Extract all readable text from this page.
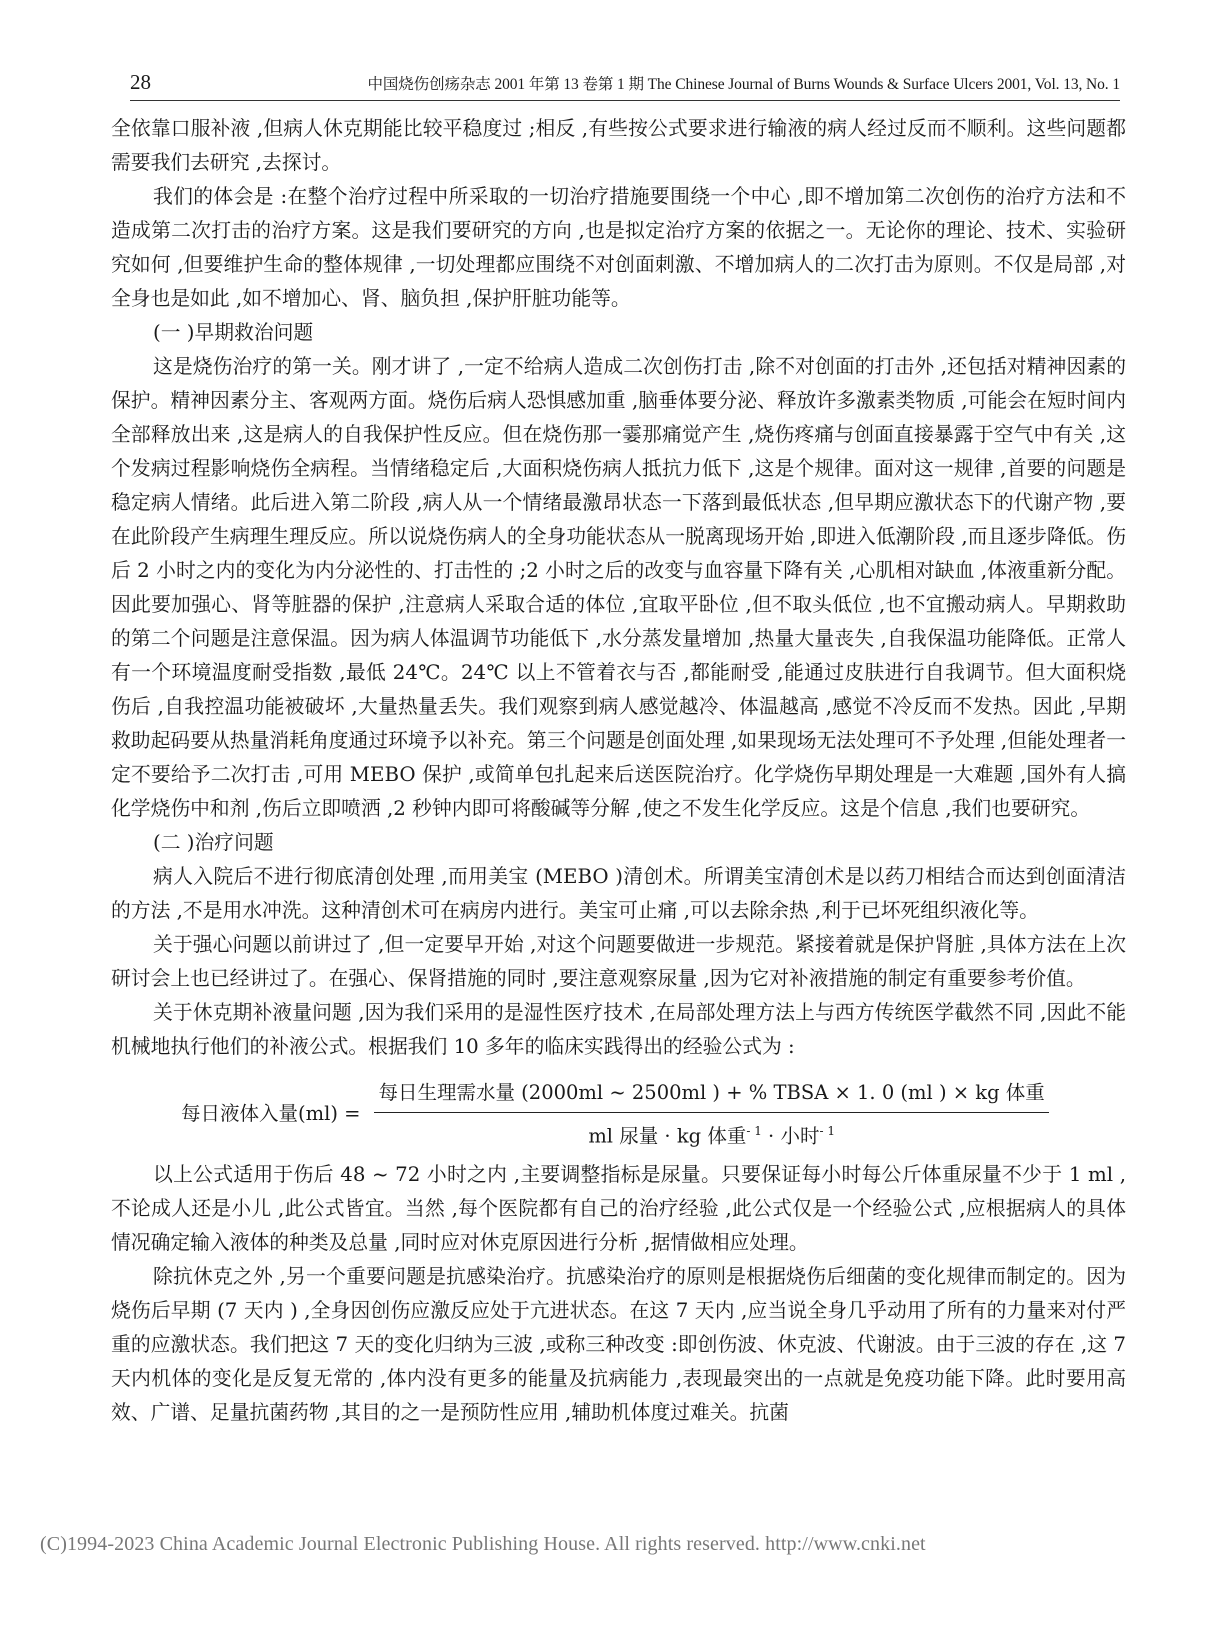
28	中国烧伤创疡杂志 2001 年第 13 卷第 1 期 The Chinese Journal of Burns Wounds & Surface Ulcers 2001, Vol. 13, No. 1

全依靠口服补液 ,但病人休克期能比较平稳度过 ;相反 ,有些按公式要求进行输液的病人经过反而不顺利。这些问题都需要我们去研究 ,去探讨。

我们的体会是 :在整个治疗过程中所采取的一切治疗措施要围绕一个中心 ,即不增加第二次创伤的治疗方法和不造成第二次打击的治疗方案。这是我们要研究的方向 ,也是拟定治疗方案的依据之一。无论你的理论、技术、实验研究如何 ,但要维护生命的整体规律 ,一切处理都应围绕不对创面刺激、不增加病人的二次打击为原则。不仅是局部 ,对全身也是如此 ,如不增加心、肾、脑负担 ,保护肝脏功能等。

(一 )早期救治问题

这是烧伤治疗的第一关。刚才讲了 ,一定不给病人造成二次创伤打击 ,除不对创面的打击外 ,还包括对精神因素的保护。精神因素分主、客观两方面。烧伤后病人恐惧感加重 ,脑垂体要分泌、释放许多激素类物质 ,可能会在短时间内全部释放出来 ,这是病人的自我保护性反应。但在烧伤那一霎那痛觉产生 ,烧伤疼痛与创面直接暴露于空气中有关 ,这个发病过程影响烧伤全病程。当情绪稳定后 ,大面积烧伤病人抵抗力低下 ,这是个规律。面对这一规律 ,首要的问题是稳定病人情绪。此后进入第二阶段 ,病人从一个情绪最激昂状态一下落到最低状态 ,但早期应激状态下的代谢产物 ,要在此阶段产生病理生理反应。所以说烧伤病人的全身功能状态从一脱离现场开始 ,即进入低潮阶段 ,而且逐步降低。伤后 2 小时之内的变化为内分泌性的、打击性的 ;2 小时之后的改变与血容量下降有关 ,心肌相对缺血 ,体液重新分配。因此要加强心、肾等脏器的保护 ,注意病人采取合适的体位 ,宜取平卧位 ,但不取头低位 ,也不宜搬动病人。早期救助的第二个问题是注意保温。因为病人体温调节功能低下 ,水分蒸发量增加 ,热量大量丧失 ,自我保温功能降低。正常人有一个环境温度耐受指数 ,最低 24℃。24℃ 以上不管着衣与否 ,都能耐受 ,能通过皮肤进行自我调节。但大面积烧伤后 ,自我控温功能被破坏 ,大量热量丢失。我们观察到病人感觉越冷、体温越高 ,感觉不冷反而不发热。因此 ,早期救助起码要从热量消耗角度通过环境予以补充。第三个问题是创面处理 ,如果现场无法处理可不予处理 ,但能处理者一定不要给予二次打击 ,可用 MEBO 保护 ,或简单包扎起来后送医院治疗。化学烧伤早期处理是一大难题 ,国外有人搞化学烧伤中和剂 ,伤后立即喷洒 ,2 秒钟内即可将酸碱等分解 ,使之不发生化学反应。这是个信息 ,我们也要研究。

(二 )治疗问题

病人入院后不进行彻底清创处理 ,而用美宝 (MEBO )清创术。所谓美宝清创术是以药刀相结合而达到创面清洁的方法 ,不是用水冲洗。这种清创术可在病房内进行。美宝可止痛 ,可以去除余热 ,利于已坏死组织液化等。

关于强心问题以前讲过了 ,但一定要早开始 ,对这个问题要做进一步规范。紧接着就是保护肾脏 ,具体方法在上次研讨会上也已经讲过了。在强心、保肾措施的同时 ,要注意观察尿量 ,因为它对补液措施的制定有重要参考价值。

关于休克期补液量问题 ,因为我们采用的是湿性医疗技术 ,在局部处理方法上与西方传统医学截然不同 ,因此不能机械地执行他们的补液公式。根据我们 10 多年的临床实践得出的经验公式为 :

每日液体入量$(ml) = \frac{\text{每日生理需水量 (2000ml \textasciitilde{} 2500ml ) + \% TBSA × 1. 0 (ml ) × kg 体重}}{ml 尿量 \cdot kg 体重^{- 1} \cdot 小时^{- 1}}$

以上公式适用于伤后 48 ~ 72 小时之内 ,主要调整指标是尿量。只要保证每小时每公斤体重尿量不少于 1 ml ,不论成人还是小儿 ,此公式皆宜。当然 ,每个医院都有自己的治疗经验 ,此公式仅是一个经验公式 ,应根据病人的具体情况确定输入液体的种类及总量 ,同时应对休克原因进行分析 ,据情做相应处理。

除抗休克之外 ,另一个重要问题是抗感染治疗。抗感染治疗的原则是根据烧伤后细菌的变化规律而制定的。因为烧伤后早期 (7 天内 ) ,全身因创伤应激反应处于亢进状态。在这 7 天内 ,应当说全身几乎动用了所有的力量来对付严重的应激状态。我们把这 7 天的变化归纳为三波 ,或称三种改变 :即创伤波、休克波、代谢波。由于三波的存在 ,这 7 天内机体的变化是反复无常的 ,体内没有更多的能量及抗病能力 ,表现最突出的一点就是免疫功能下降。此时要用高效、广谱、足量抗菌药物 ,其目的之一是预防性应用 ,辅助机体度过难关。抗菌

(C)1994-2023 China Academic Journal Electronic Publishing House. All rights reserved. http://www.cnki.net
